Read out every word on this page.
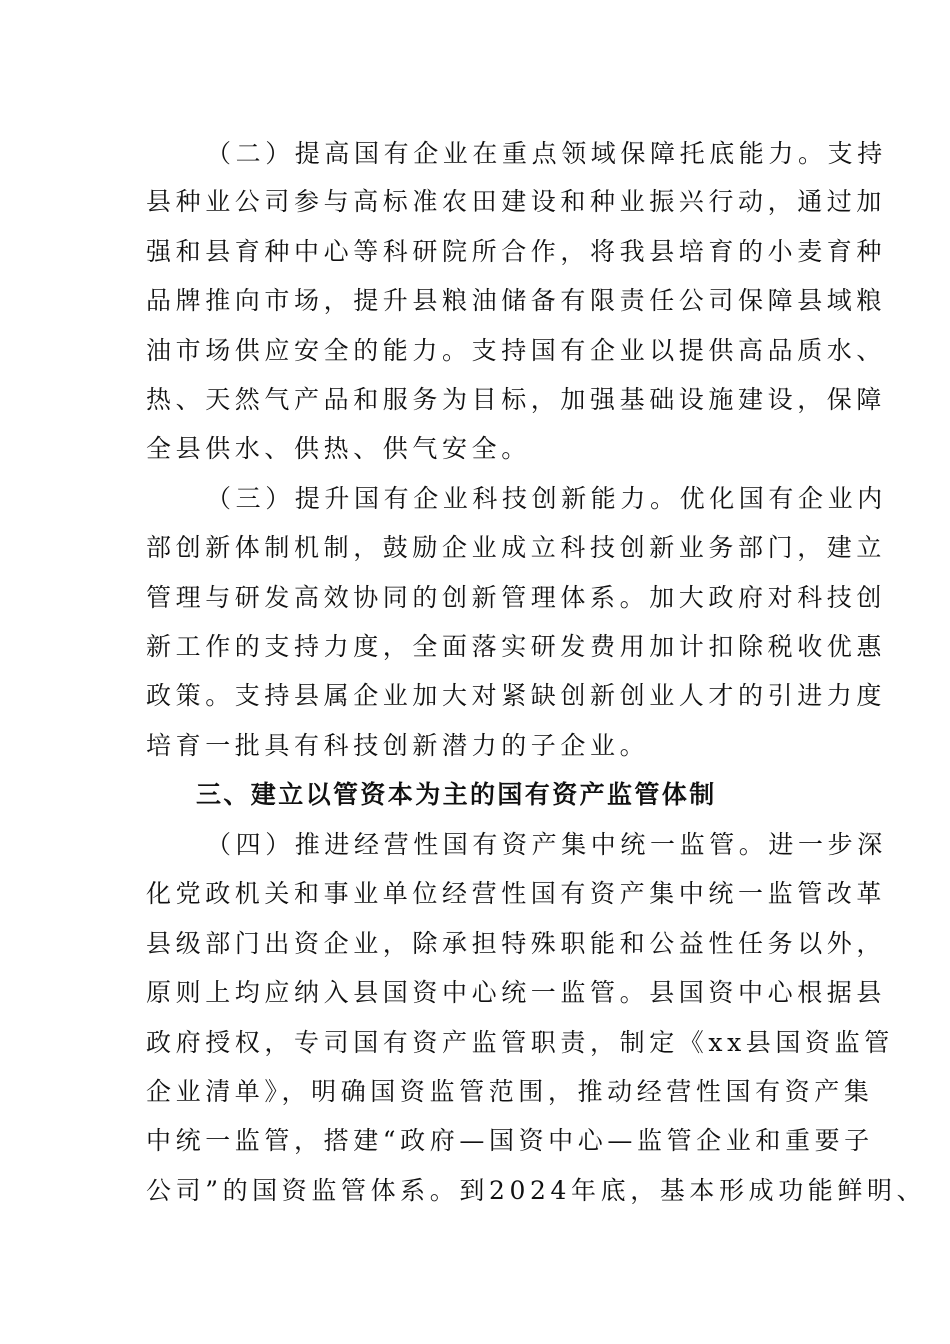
（二）提高国有企业在重点领域保障托底能力。支持
县种业公司参与高标准农田建设和种业振兴行动，通过加
强和县育种中心等科研院所合作，将我县培育的小麦育种
品牌推向市场，提升县粮油储备有限责任公司保障县域粮
油市场供应安全的能力。支持国有企业以提供高品质水、
热、天然气产品和服务为目标，加强基础设施建设，保障
全县供水、供热、供气安全。
（三）提升国有企业科技创新能力。优化国有企业内
部创新体制机制，鼓励企业成立科技创新业务部门，建立
管理与研发高效协同的创新管理体系。加大政府对科技创
新工作的支持力度，全面落实研发费用加计扣除税收优惠
政策。支持县属企业加大对紧缺创新创业人才的引进力度
培育一批具有科技创新潜力的子企业。
三、建立以管资本为主的国有资产监管体制
（四）推进经营性国有资产集中统一监管。进一步深
化党政机关和事业单位经营性国有资产集中统一监管改革
县级部门出资企业，除承担特殊职能和公益性任务以外，
原则上均应纳入县国资中心统一监管。县国资中心根据县
政府授权，专司国有资产监管职责，制定《xx县国资监管
企业清单》，明确国资监管范围，推动经营性国有资产集
中统一监管，搭建“政府—国资中心—监管企业和重要子
公司”的国资监管体系。到2024年底，基本形成功能鲜明、
